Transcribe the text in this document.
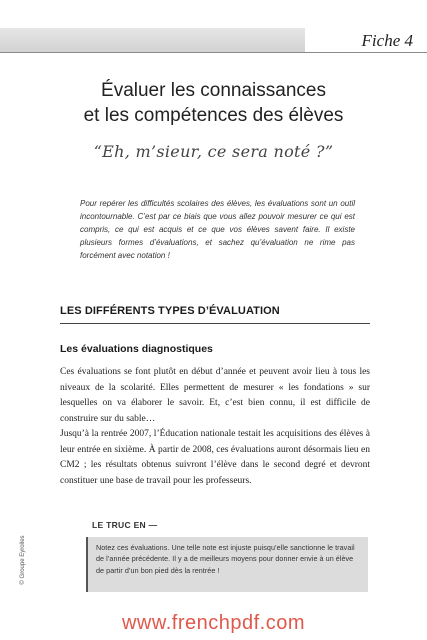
Fiche 4
Évaluer les connaissances
et les compétences des élèves
“Eh, m’sieur, ce sera noté ?”

Pour repérer les difficultés scolaires des élèves, les évaluations sont un outil incontournable. C’est par ce biais que vous allez pouvoir mesurer ce qui est compris, ce qui est acquis et ce que vos élèves savent faire. Il existe plusieurs formes d’évaluations, et sachez qu’évaluation ne rime pas forcément avec notation !

LES DIFFÉRENTS TYPES D’ÉVALUATION
Les évaluations diagnostiques

Ces évaluations se font plutôt en début d’année et peuvent avoir lieu à tous les niveaux de la scolarité. Elles permettent de mesurer « les fondations » sur lesquelles on va élaborer le savoir. Et, c’est bien connu, il est difficile de construire sur du sable…

Jusqu’à la rentrée 2007, l’Éducation nationale testait les acquisitions des élèves à leur entrée en sixième. À partir de 2008, ces évaluations auront désormais lieu en CM2 ; les résultats obtenus suivront l’élève dans le second degré et devront constituer une base de travail pour les professeurs.

LE TRUC EN —

Notez ces évaluations. Une telle note est injuste puisqu’elle sanctionne le travail de l’année précédente. Il y a de meilleurs moyens pour donner envie à un élève de partir d’un bon pied dès la rentrée !

© Groupe Eyrolles
www.frenchpdf.com
